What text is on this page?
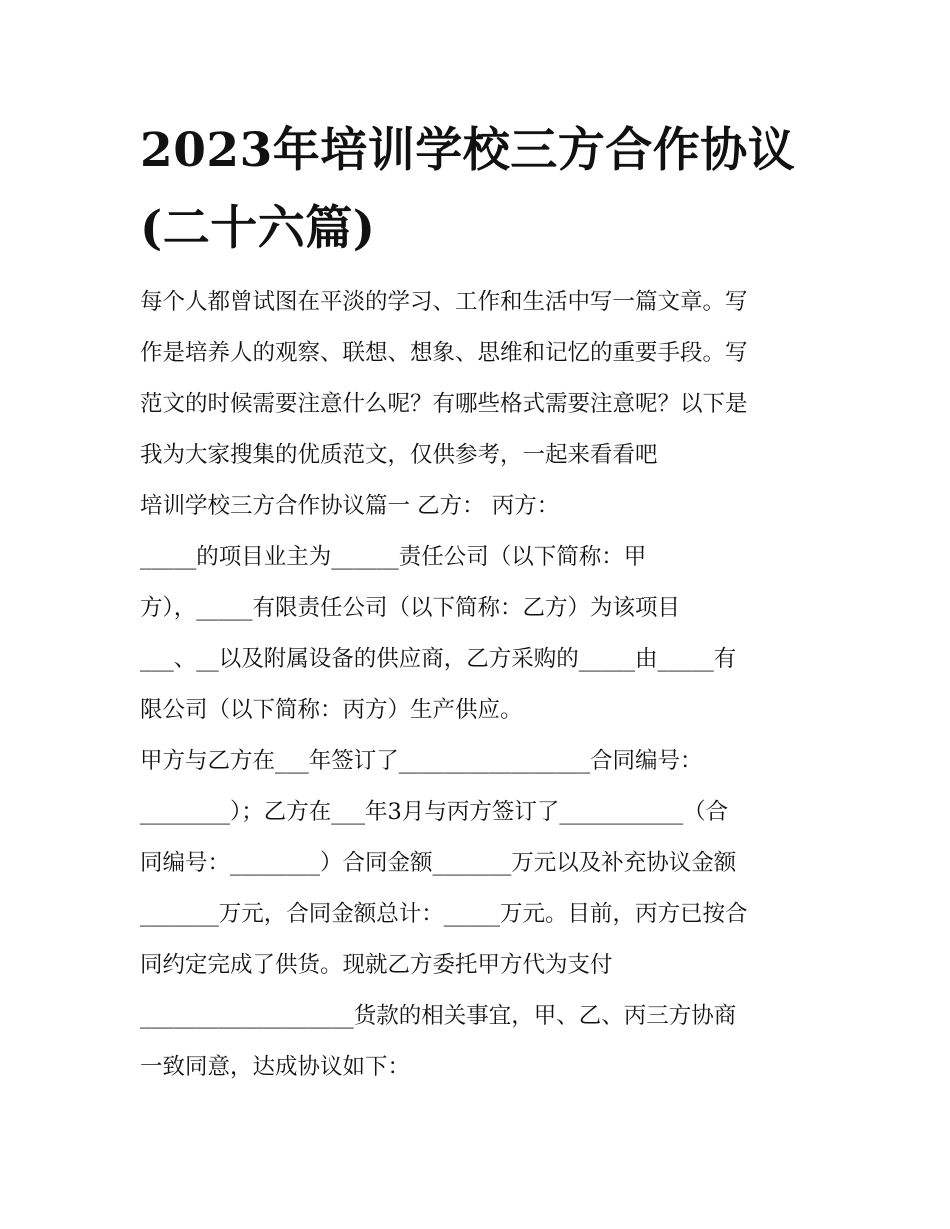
2023年培训学校三方合作协议
(二十六篇)
每个人都曾试图在平淡的学习、工作和生活中写一篇文章。写
作是培养人的观察、联想、想象、思维和记忆的重要手段。写
范文的时候需要注意什么呢？有哪些格式需要注意呢？以下是
我为大家搜集的优质范文，仅供参考，一起来看看吧
培训学校三方合作协议篇一 乙方： 丙方：
_____的项目业主为______责任公司（以下简称：甲
方），_____有限责任公司（以下简称：乙方）为该项目
___、__以及附属设备的供应商，乙方采购的_____由_____有
限公司（以下简称：丙方）生产供应。
甲方与乙方在___年签订了_________________合同编号：
________）；乙方在___年3月与丙方签订了___________（合
同编号：________）合同金额_______万元以及补充协议金额
_______万元，合同金额总计：_____万元。目前，丙方已按合
同约定完成了供货。现就乙方委托甲方代为支付
___________________货款的相关事宜，甲、乙、丙三方协商
一致同意，达成协议如下：
